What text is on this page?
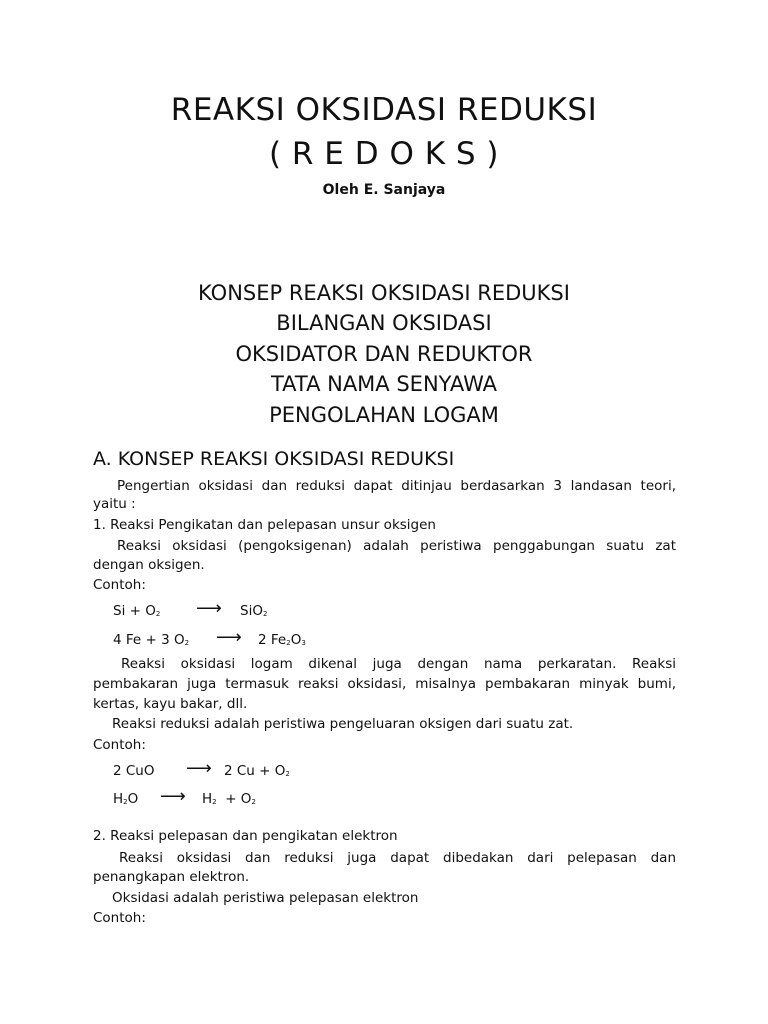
REAKSI OKSIDASI REDUKSI
( R E D O K S )
Oleh E. Sanjaya
KONSEP REAKSI OKSIDASI REDUKSI
BILANGAN OKSIDASI
OKSIDATOR DAN REDUKTOR
TATA NAMA SENYAWA
PENGOLAHAN LOGAM
A. KONSEP REAKSI OKSIDASI REDUKSI
Pengertian oksidasi dan reduksi dapat ditinjau berdasarkan 3 landasan teori,
yaitu :
1. Reaksi Pengikatan dan pelepasan unsur oksigen
Reaksi oksidasi (pengoksigenan) adalah peristiwa penggabungan suatu zat
dengan oksigen.
Contoh:
$Si + O_2$ ⟶ SiO$_2$
4 Fe + 3 $O_2$ ⟶ 2 $Fe_2O_3$
Reaksi oksidasi logam dikenal juga dengan nama perkaratan. Reaksi
pembakaran juga termasuk reaksi oksidasi, misalnya pembakaran minyak bumi,
kertas, kayu bakar, dll.
Reaksi reduksi adalah peristiwa pengeluaran oksigen dari suatu zat.
Contoh:
2 CuO ⟶ 2 $Cu + O_2$
$H_2O$ ⟶ $H_2 + O_2$
2. Reaksi pelepasan dan pengikatan elektron
Reaksi oksidasi dan reduksi juga dapat dibedakan dari pelepasan dan
penangkapan elektron.
Oksidasi adalah peristiwa pelepasan elektron
Contoh:
